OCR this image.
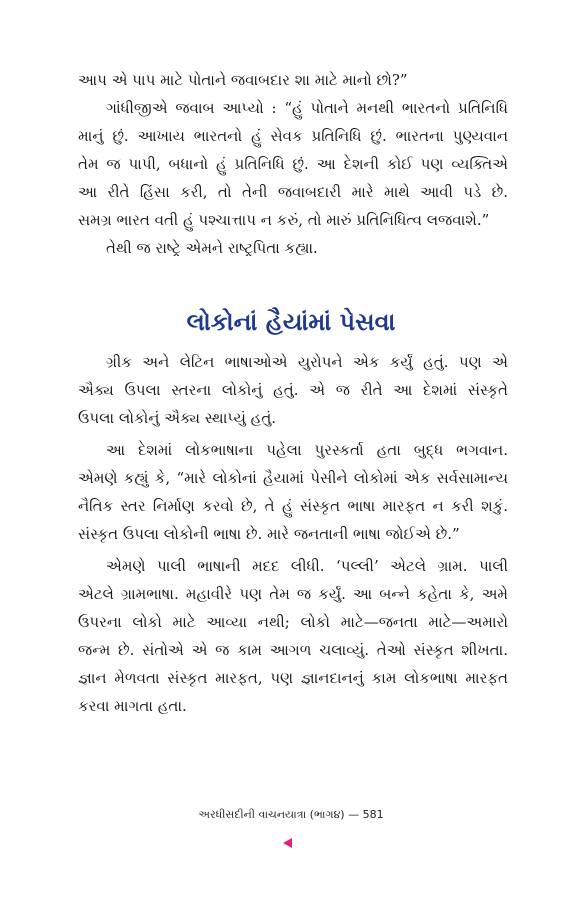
આપ એ પાપ માટે પોતાને જવાબદાર શા માટે માનો છો?”

ગાંધીજીએ જવાબ આપ્યો : “હું પોતાને મનથી ભારતનો પ્રતિનિધિ
માનું છું. આખાય ભારતનો હું સેવક પ્રતિનિધિ છું. ભારતના પુણ્યવાન
તેમ જ પાપી, બધાનો હું પ્રતિનિધિ છું. આ દેશની કોઈ પણ વ્યક્તિએ
આ રીતે હિંસા કરી, તો તેની જવાબદારી મારે માથે આવી પડે છે.
સમગ્ર ભારત વતી હું પશ્ચાત્તાપ ન કરું, તો મારું પ્રતિનિધિત્વ લજવાશે.”

તેથી જ રાષ્ટ્રે એમને રાષ્ટ્રપિતા કહ્યા.

લોકોનાં હૈયાંમાં પેસવા

ગ્રીક અને લેટિન ભાષાઓએ યુરોપને એક કર્યું હતું. પણ એ
ઐક્ય ઉપલા સ્તરના લોકોનું હતું. એ જ રીતે આ દેશમાં સંસ્કૃતે
ઉપલા લોકોનું ઐક્ય સ્થાપ્યું હતું.

આ દેશમાં લોકભાષાના પહેલા પુરસ્કર્તા હતા બુદ્ધ ભગવાન.
એમણે કહ્યું કે, “મારે લોકોનાં હૈયામાં પેસીને લોકોમાં એક સર્વસામાન્ય
નૈતિક સ્તર નિર્માણ કરવો છે, તે હું સંસ્કૃત ભાષા મારફત ન કરી શકું.
સંસ્કૃત ઉપલા લોકોની ભાષા છે. મારે જનતાની ભાષા જોઈએ છે.”

એમણે પાલી ભાષાની મદદ લીધી. ‘પલ્લી’ એટલે ગ્રામ. પાલી
એટલે ગ્રામભાષા. મહાવીરે પણ તેમ જ કર્યું. આ બન્ને કહેતા કે, અમે
ઉપરના લોકો માટે આવ્યા નથી; લોકો માટે—જનતા માટે—અમારો
જન્મ છે. સંતોએ એ જ કામ આગળ ચલાવ્યું. તેઓ સંસ્કૃત શીખતા.
જ્ઞાન મેળવતા સંસ્કૃત મારફત, પણ જ્ઞાનદાનનું કામ લોકભાષા મારફત
કરવા માગતા હતા.

અરધીસદીની વાચનયાત્રા (ભાગ૪) — 581
